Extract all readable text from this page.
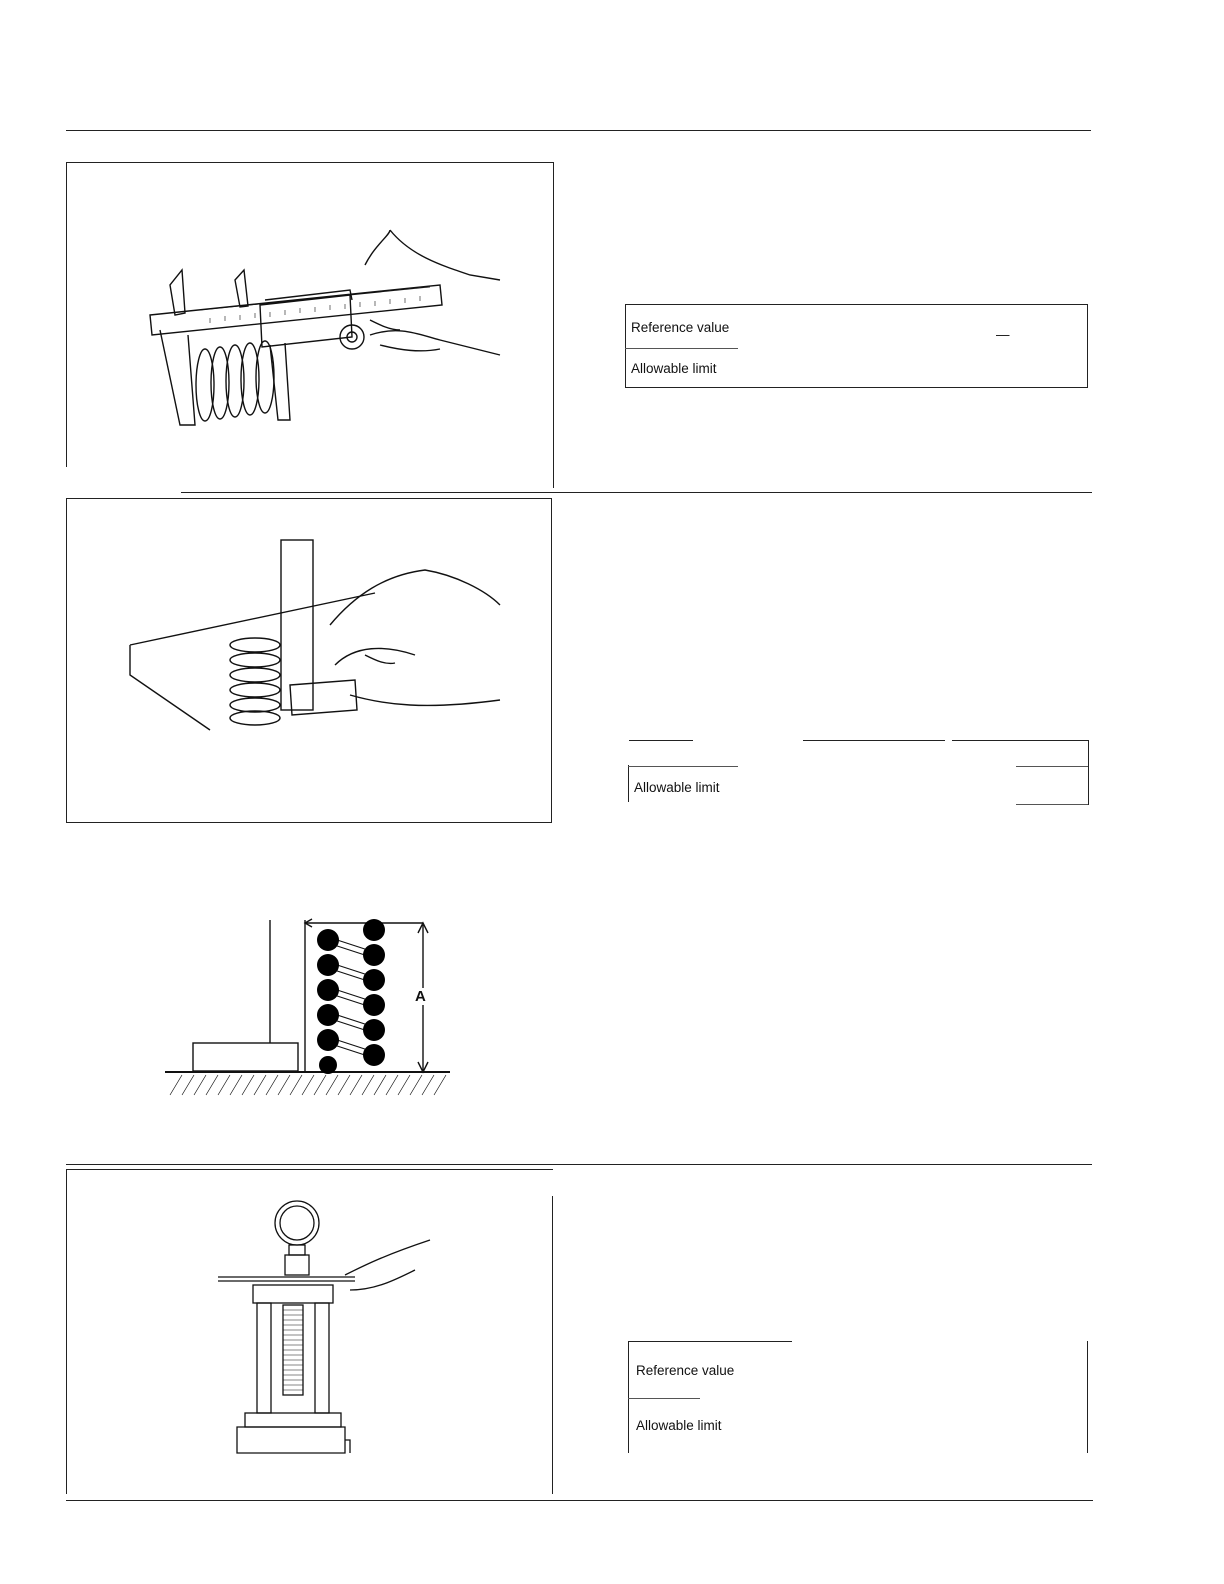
Reference value	—
Allowable limit
Allowable limit
A
Reference value
Allowable limit
